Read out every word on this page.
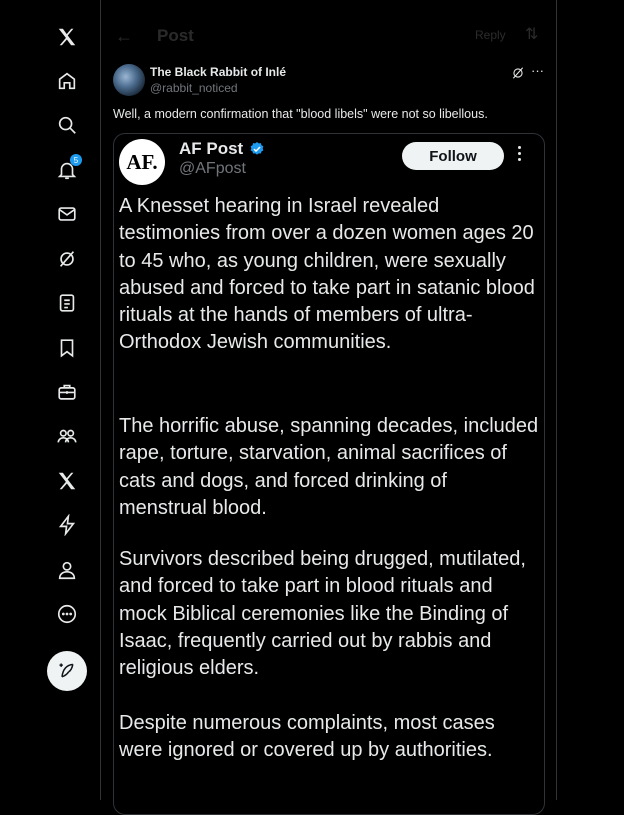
5
← Post	Reply ⇅
The Black Rabbit of Inlé
@rabbit_noticed
···
Well, a modern confirmation that "blood libels" were not so libellous.
AF.
AF Post
@AFpost
Follow
A Knesset hearing in Israel revealed testimonies from over a dozen women ages 20 to 45 who, as young children, were sexually abused and forced to take part in satanic blood rituals at the hands of members of ultra-Orthodox Jewish communities.
The horrific abuse, spanning decades, included rape, torture, starvation, animal sacrifices of cats and dogs, and forced drinking of menstrual blood.
Survivors described being drugged, mutilated, and forced to take part in blood rituals and mock Biblical ceremonies like the Binding of Isaac, frequently carried out by rabbis and religious elders.
Despite numerous complaints, most cases were ignored or covered up by authorities.
